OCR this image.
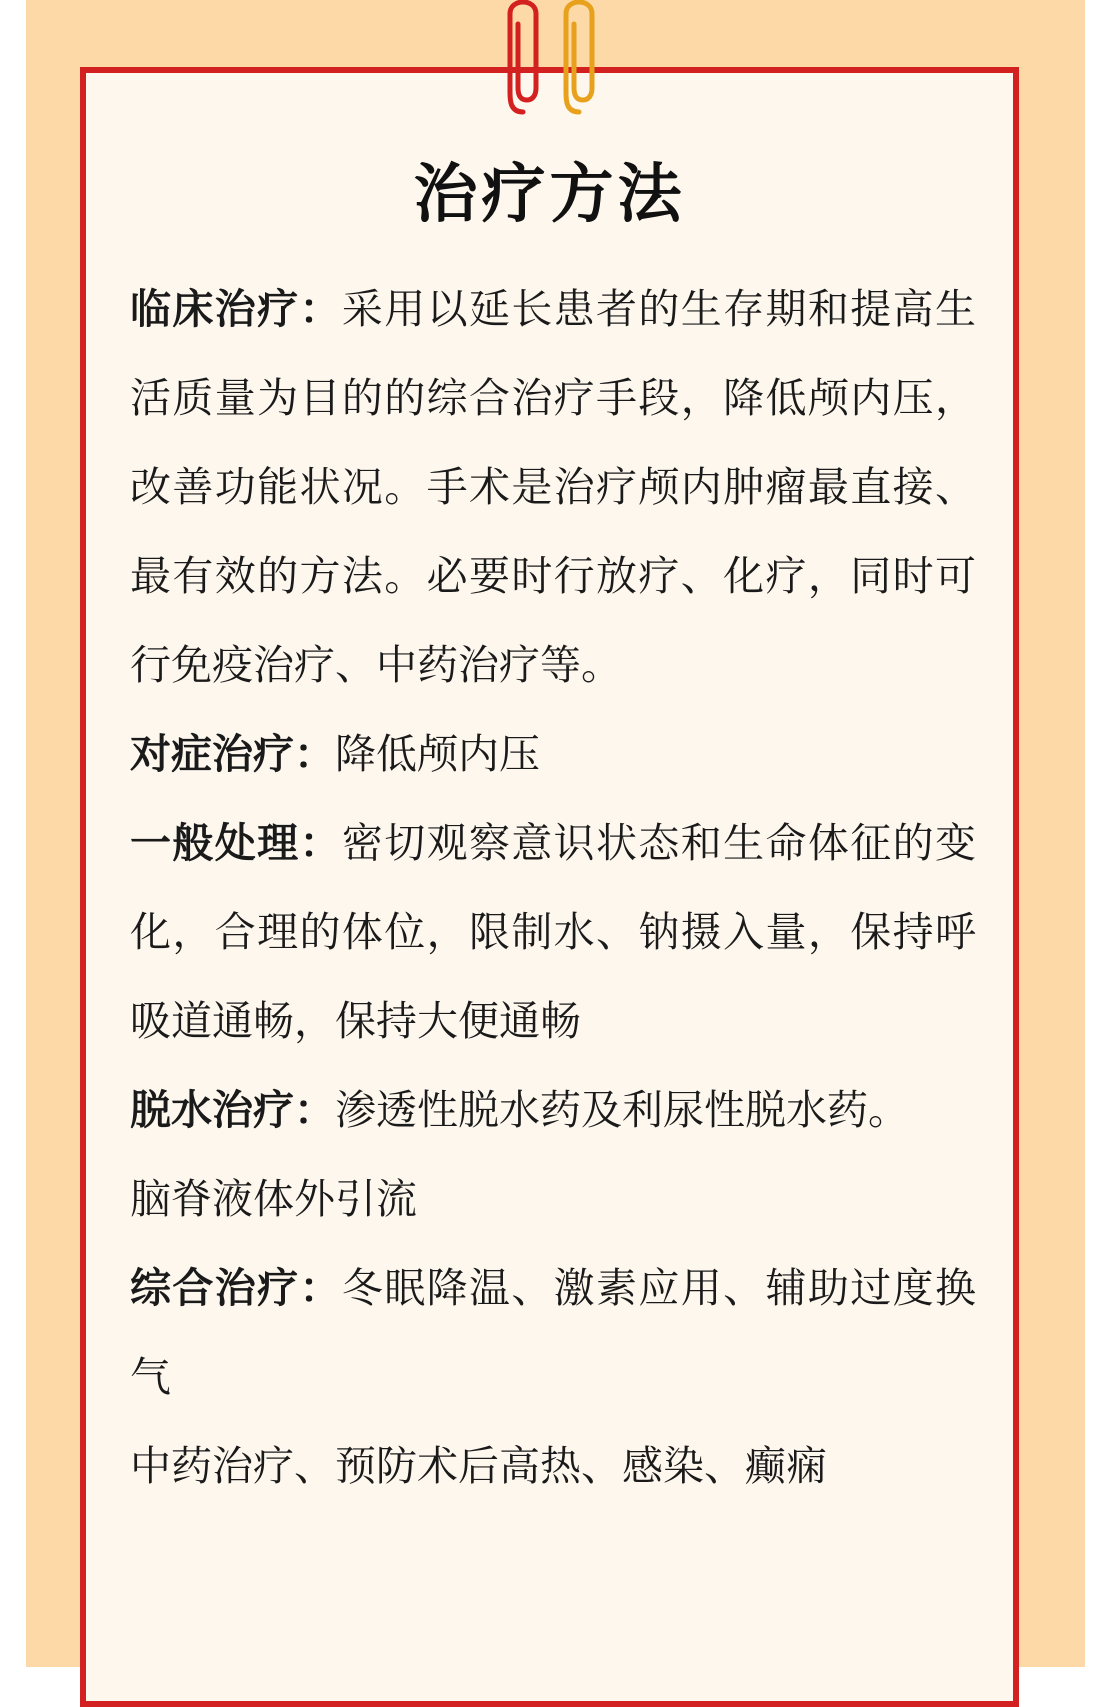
治疗方法

临床治疗：采用以延长患者的生存期和提高生活质量为目的的综合治疗手段，降低颅内压，改善功能状况。手术是治疗颅内肿瘤最直接、最有效的方法。必要时行放疗、化疗，同时可行免疫治疗、中药治疗等。

对症治疗：降低颅内压

一般处理：密切观察意识状态和生命体征的变化，合理的体位，限制水、钠摄入量，保持呼吸道通畅，保持大便通畅

脱水治疗：渗透性脱水药及利尿性脱水药。

脑脊液体外引流

综合治疗：冬眠降温、激素应用、辅助过度换气

中药治疗、预防术后高热、感染、癫痫
